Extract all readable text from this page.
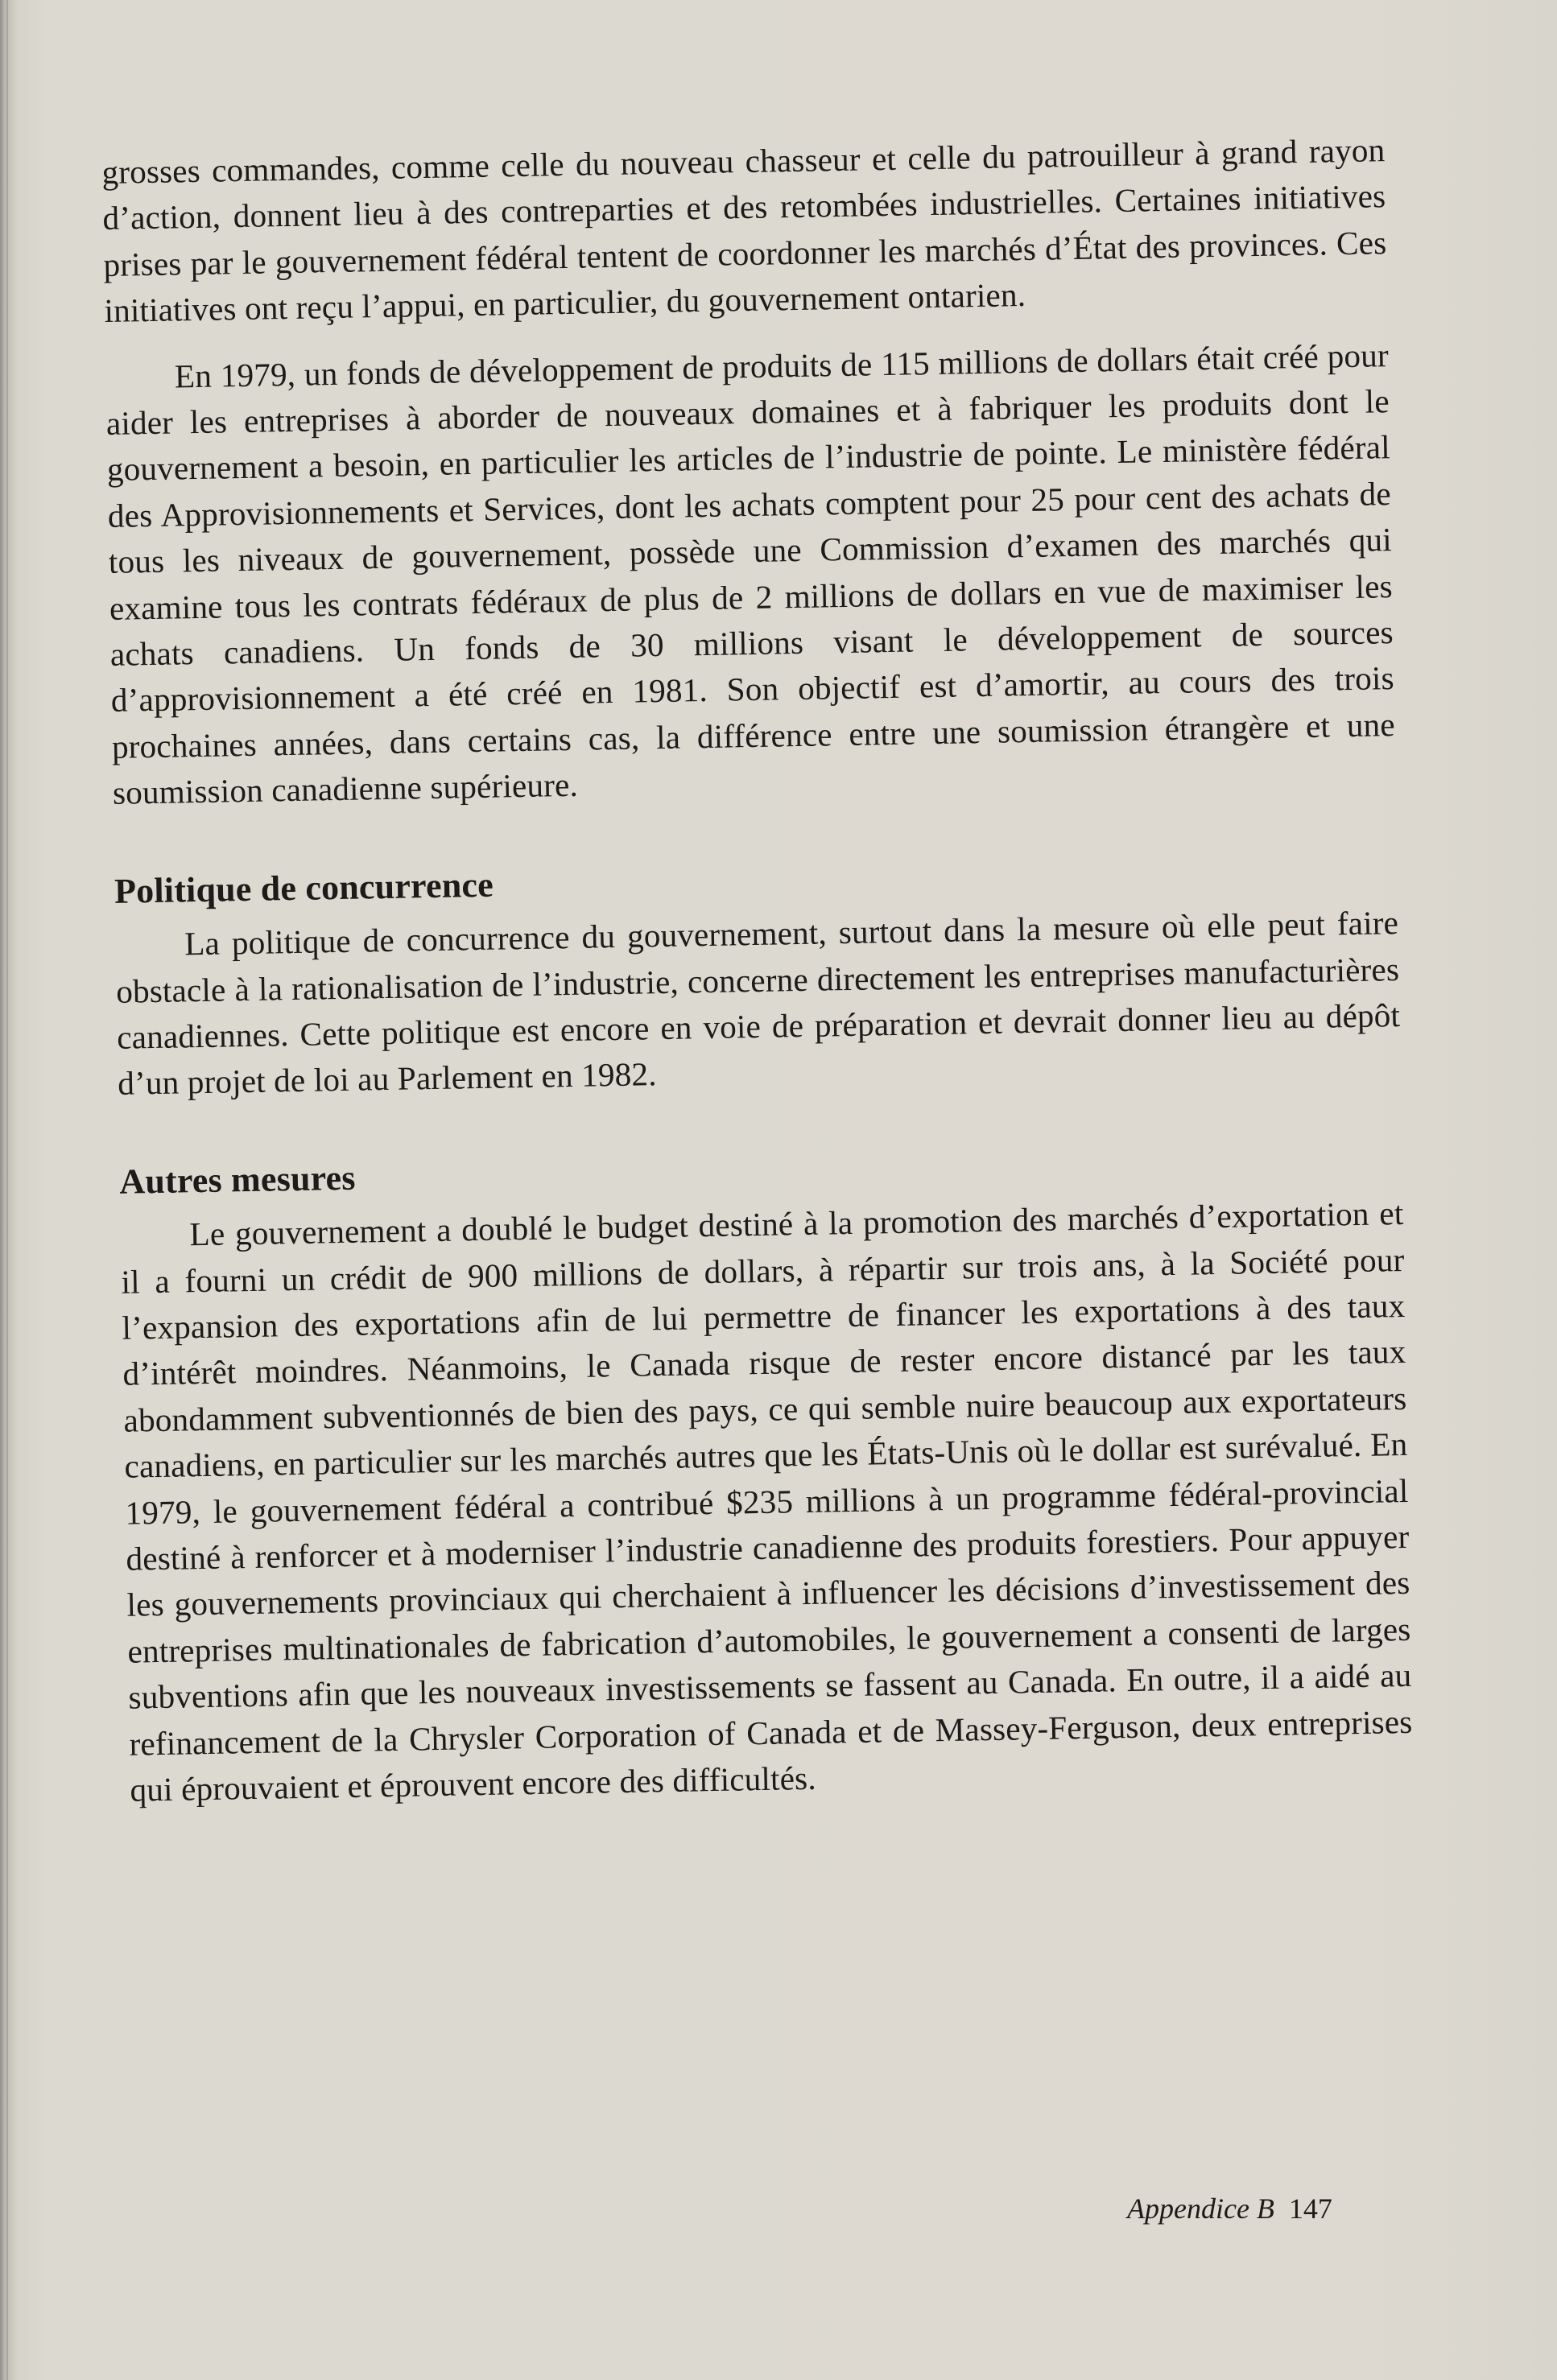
grosses commandes, comme celle du nouveau chasseur et celle du patrouilleur à grand rayon d’action, donnent lieu à des contreparties et des retombées industrielles. Certaines initiatives prises par le gouvernement fédéral tentent de coordonner les marchés d’État des provinces. Ces initiatives ont reçu l’appui, en particulier, du gouvernement ontarien.

En 1979, un fonds de développement de produits de 115 millions de dollars était créé pour aider les entreprises à aborder de nouveaux domaines et à fabriquer les produits dont le gouvernement a besoin, en particulier les articles de l’industrie de pointe. Le ministère fédéral des Approvisionnements et Services, dont les achats comptent pour 25 pour cent des achats de tous les niveaux de gouvernement, possède une Commission d’examen des marchés qui examine tous les contrats fédéraux de plus de 2 millions de dollars en vue de maximiser les achats canadiens. Un fonds de 30 millions visant le développement de sources d’approvisionnement a été créé en 1981. Son objectif est d’amortir, au cours des trois prochaines années, dans certains cas, la différence entre une soumission étrangère et une soumission canadienne supérieure.

Politique de concurrence

La politique de concurrence du gouvernement, surtout dans la mesure où elle peut faire obstacle à la rationalisation de l’industrie, concerne directement les entreprises manufacturières canadiennes. Cette politique est encore en voie de préparation et devrait donner lieu au dépôt d’un projet de loi au Parlement en 1982.

Autres mesures

Le gouvernement a doublé le budget destiné à la promotion des marchés d’exportation et il a fourni un crédit de 900 millions de dollars, à répartir sur trois ans, à la Société pour l’expansion des exportations afin de lui permettre de financer les exportations à des taux d’intérêt moindres. Néanmoins, le Canada risque de rester encore distancé par les taux abondamment subventionnés de bien des pays, ce qui semble nuire beaucoup aux exportateurs canadiens, en particulier sur les marchés autres que les États-Unis où le dollar est surévalué. En 1979, le gouvernement fédéral a contribué $235 millions à un programme fédéral-provincial destiné à renforcer et à moderniser l’industrie canadienne des produits forestiers. Pour appuyer les gouvernements provinciaux qui cherchaient à influencer les décisions d’investissement des entreprises multinationales de fabrication d’automobiles, le gouvernement a consenti de larges subventions afin que les nouveaux investissements se fassent au Canada. En outre, il a aidé au refinancement de la Chrysler Corporation of Canada et de Massey-Ferguson, deux entreprises qui éprouvaient et éprouvent encore des difficultés.

Appendice B 147
